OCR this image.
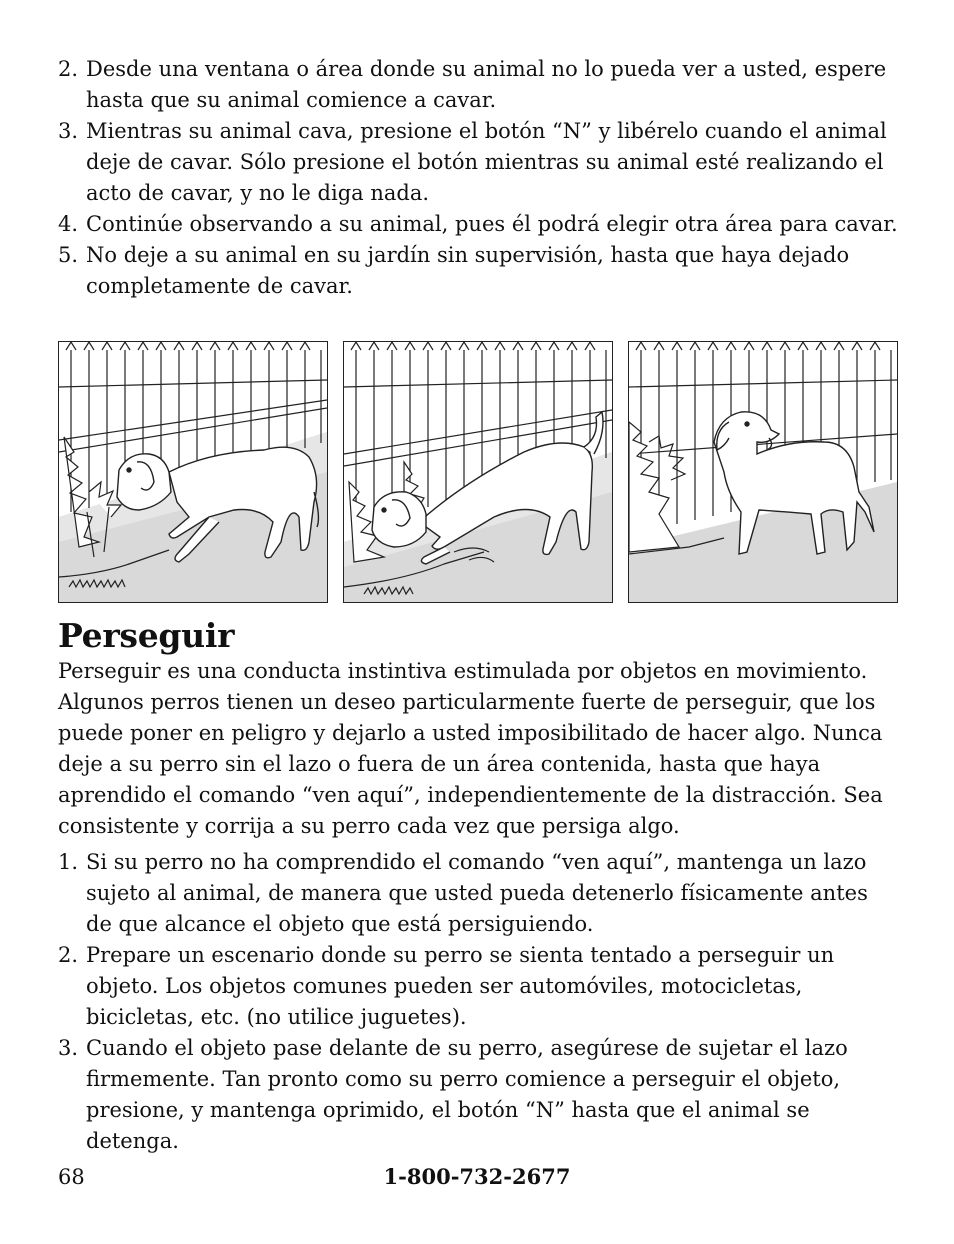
2. Desde una ventana o área donde su animal no lo pueda ver a usted, espere hasta que su animal comience a cavar.
3. Mientras su animal cava, presione el botón “N” y libérelo cuando el animal deje de cavar. Sólo presione el botón mientras su animal esté realizando el acto de cavar, y no le diga nada.
4. Continúe observando a su animal, pues él podrá elegir otra área para cavar.
5. No deje a su animal en su jardín sin supervisión, hasta que haya dejado completamente de cavar.
Perseguir

Perseguir es una conducta instintiva estimulada por objetos en movimiento. Algunos perros tienen un deseo particularmente fuerte de perseguir, que los puede poner en peligro y dejarlo a usted imposibilitado de hacer algo. Nunca deje a su perro sin el lazo o fuera de un área contenida, hasta que haya aprendido el comando “ven aquí”, independientemente de la distracción. Sea consistente y corrija a su perro cada vez que persiga algo.

1. Si su perro no ha comprendido el comando “ven aquí”, mantenga un lazo sujeto al animal, de manera que usted pueda detenerlo físicamente antes de que alcance el objeto que está persiguiendo.
2. Prepare un escenario donde su perro se sienta tentado a perseguir un objeto. Los objetos comunes pueden ser automóviles, motocicletas, bicicletas, etc. (no utilice juguetes).
3. Cuando el objeto pase delante de su perro, asegúrese de sujetar el lazo firmemente. Tan pronto como su perro comience a perseguir el objeto, presione, y mantenga oprimido, el botón “N” hasta que el animal se detenga.
68	1-800-732-2677
